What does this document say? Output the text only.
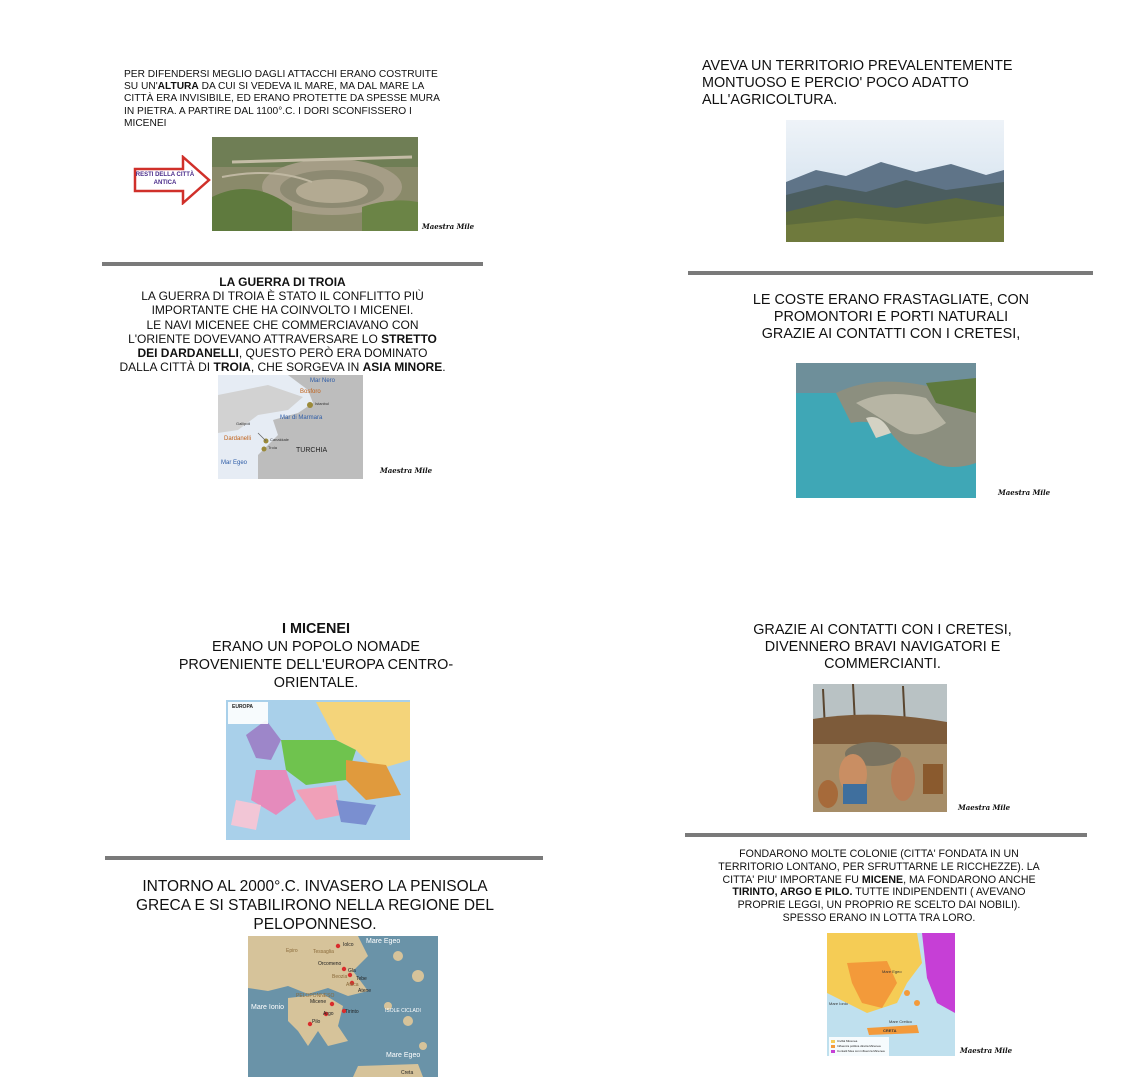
PER DIFENDERSI MEGLIO DAGLI ATTACCHI ERANO COSTRUITE
SU UN'ALTURA DA CUI SI VEDEVA IL MARE, MA DAL MARE LA
CITTÀ ERA INVISIBILE, ED ERANO PROTETTE DA SPESSE MURA
IN PIETRA. A PARTIRE DAL 1100°.C. I DORI SCONFISSERO I
MICENEI
RESTI DELLA CITTÀ
ANTICA
Maestra Mile
LA GUERRA DI TROIA
LA GUERRA DI TROIA È STATO IL CONFLITTO PIÙ
IMPORTANTE CHE HA COINVOLTO I MICENEI.
LE NAVI MICENEE CHE COMMERCIAVANO CON
L'ORIENTE DOVEVANO ATTRAVERSARE LO STRETTO
DEI DARDANELLI, QUESTO PERÒ ERA DOMINATO
DALLA CITTÀ DI TROIA, CHE SORGEVA IN ASIA MINORE.
Mar Nero
Bosforo
Istanbul
Mar di Marmara
Gallipoli
Dardanelli	Canakkale
Troia	TURCHIA
Mar Egeo
Maestra Mile
AVEVA UN TERRITORIO PREVALENTEMENTE
MONTUOSO E PERCIO' POCO ADATTO
ALL'AGRICOLTURA.
LE COSTE ERANO FRASTAGLIATE, CON
PROMONTORI E PORTI NATURALI
GRAZIE AI CONTATTI CON I CRETESI,
Maestra Mile
I MICENEI
ERANO UN POPOLO NOMADE
PROVENIENTE DELL'EUROPA CENTRO-
ORIENTALE.
EUROPA
INTORNO AL 2000°.C. INVASERO LA PENISOLA
GRECA E SI STABILIRONO NELLA REGIONE DEL
PELOPONNESO.
Mare Egeo
Iolco
Epiro	Tessaglia
Orcomeno
Gla
Tebe
Beozia
Attica
Atene
PELOPONNESO
Micene
Argo Tirinto
Mare Ionio	ISOLE CICLADI
Pilo
Mare Egeo
Creta
GRAZIE AI CONTATTI CON I CRETESI,
DIVENNERO BRAVI NAVIGATORI E
COMMERCIANTI.
Maestra Mile
FONDARONO MOLTE COLONIE (CITTA' FONDATA IN UN
TERRITORIO LONTANO, PER SFRUTTARNE LE RICCHEZZE). LA
CITTA' PIU' IMPORTANE FU MICENE, MA FONDARONO ANCHE
TIRINTO, ARGO E PILO. TUTTE INDIPENDENTI ( AVEVANO
PROPRIE LEGGI, UN PROPRIO RE SCELTO DAI NOBILI).
SPESSO ERANO IN LOTTA TRA LORO.
Mare Egeo
Mare Ionio
Mare Cretico
CRETA
Civiltà Micenea
Influenza politica diretta Micenea
Contatti Mea con influenza Micenea	Maestra Mile
